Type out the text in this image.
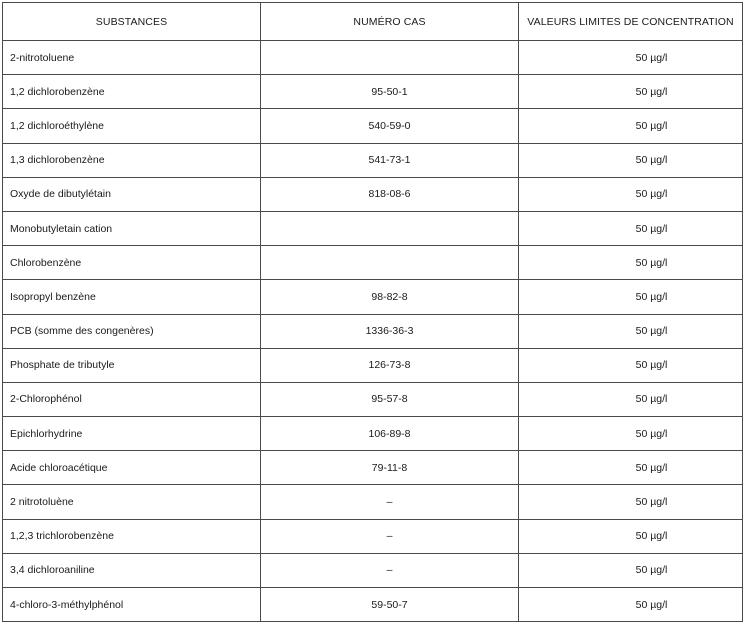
SUBSTANCES	NUMÉRO CAS	VALEURS LIMITES DE CONCENTRATION
2-nitrotoluene		50 µg/l
1,2 dichlorobenzène	95-50-1	50 µg/l
1,2 dichloroéthylène	540-59-0	50 µg/l
1,3 dichlorobenzène	541-73-1	50 µg/l
Oxyde de dibutylétain	818-08-6	50 µg/l
Monobutyletain cation		50 µg/l
Chlorobenzène		50 µg/l
Isopropyl benzène	98-82-8	50 µg/l
PCB (somme des congenères)	1336-36-3	50 µg/l
Phosphate de tributyle	126-73-8	50 µg/l
2-Chlorophénol	95-57-8	50 µg/l
Epichlorhydrine	106-89-8	50 µg/l
Acide chloroacétique	79-11-8	50 µg/l
2 nitrotoluène	–	50 µg/l
1,2,3 trichlorobenzène	–	50 µg/l
3,4 dichloroaniline	–	50 µg/l
4-chloro-3-méthylphénol	59-50-7	50 µg/l
